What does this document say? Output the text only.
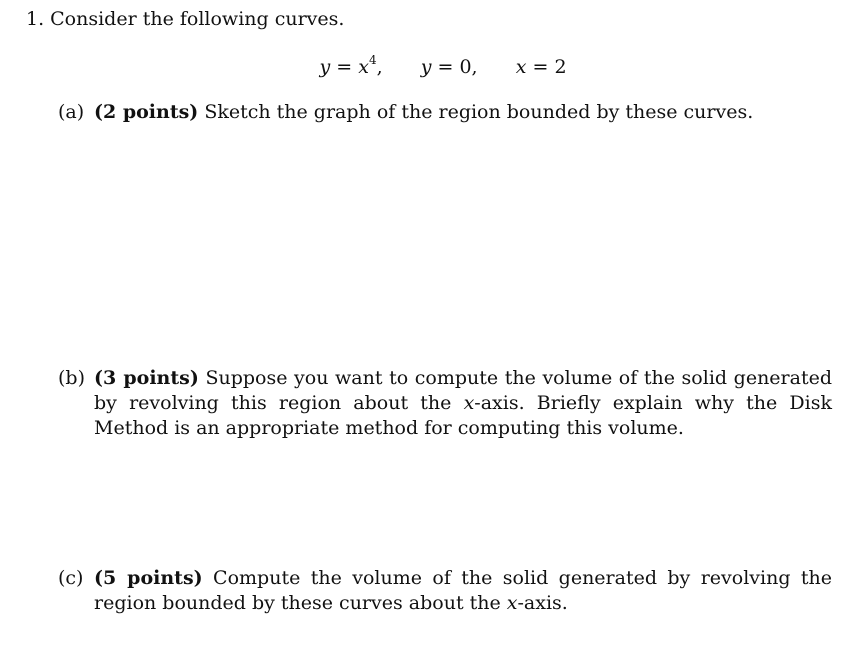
1. Consider the following curves.
$y = x^4$, y = 0, x = 2
(a) (2 points) Sketch the graph of the region bounded by these curves.
(b) (3 points) Suppose you want to compute the volume of the solid generated by revolving this region about the x-axis. Briefly explain why the Disk Method is an appropriate method for computing this volume.
(c) (5 points) Compute the volume of the solid generated by revolving the region bounded by these curves about the x-axis.
